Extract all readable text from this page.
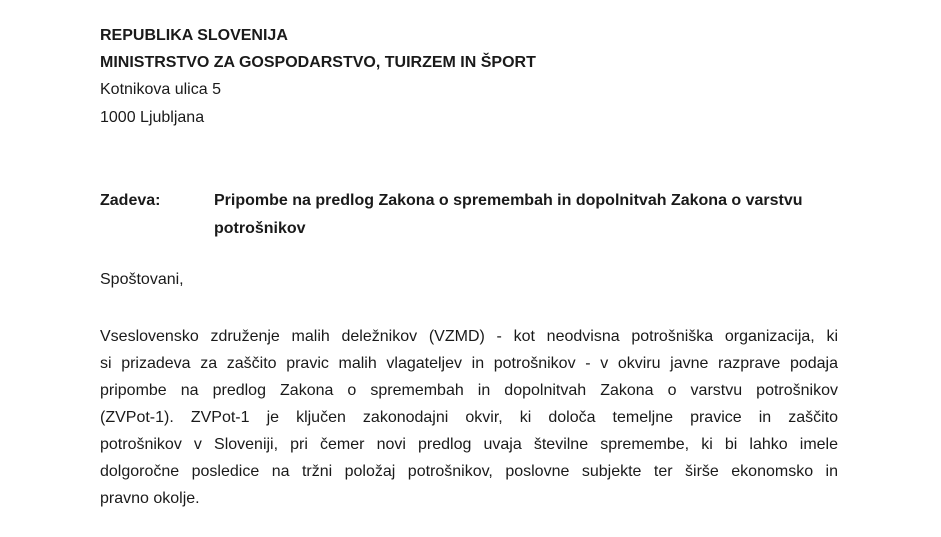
REPUBLIKA SLOVENIJA
MINISTRSTVO ZA GOSPODARSTVO, TUIRZEM IN ŠPORT
Kotnikova ulica 5
1000 Ljubljana
Zadeva:	Pripombe na predlog Zakona o spremembah in dopolnitvah Zakona o varstvu
potrošnikov
Spoštovani,
Vseslovensko združenje malih deležnikov (VZMD) - kot neodvisna potrošniška organizacija, ki
si prizadeva za zaščito pravic malih vlagateljev in potrošnikov - v okviru javne razprave podaja
pripombe na predlog Zakona o spremembah in dopolnitvah Zakona o varstvu potrošnikov
(ZVPot-1). ZVPot-1 je ključen zakonodajni okvir, ki določa temeljne pravice in zaščito
potrošnikov v Sloveniji, pri čemer novi predlog uvaja številne spremembe, ki bi lahko imele
dolgoročne posledice na tržni položaj potrošnikov, poslovne subjekte ter širše ekonomsko in
pravno okolje.
